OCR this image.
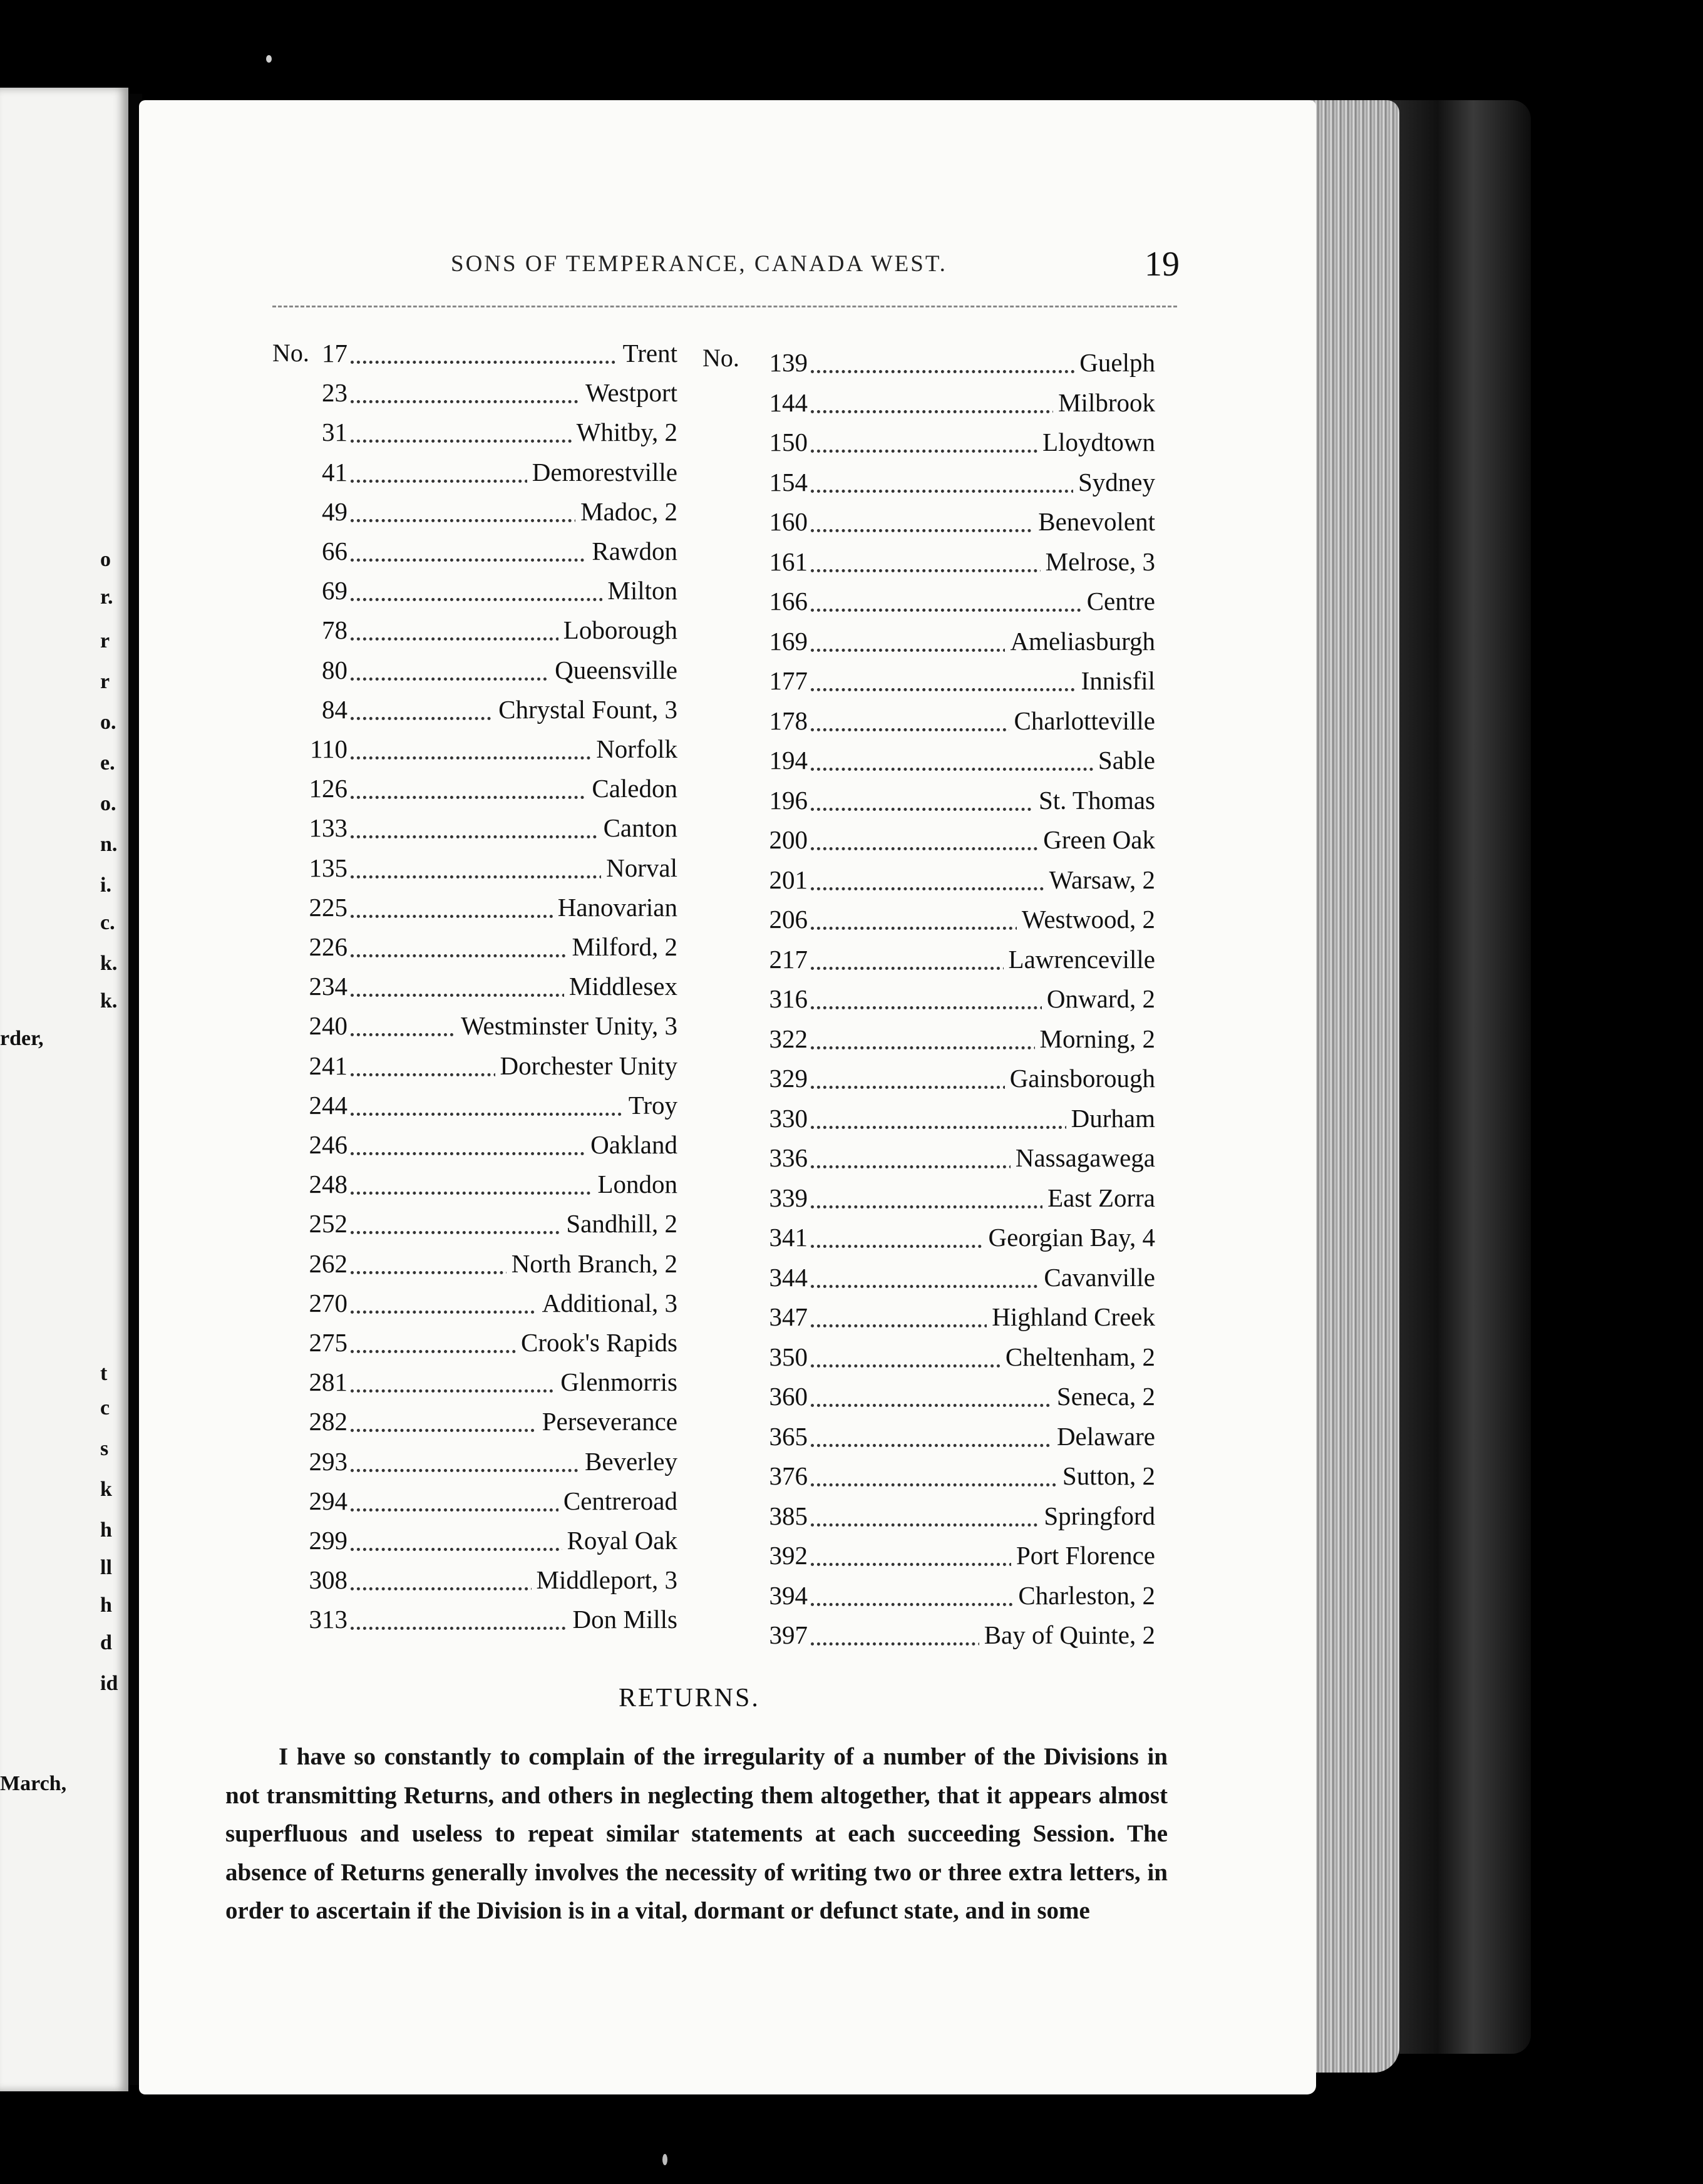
o
r.
r
r
o.
e.
o.
n.
i.
c.
k.
k.
rder,
t
c
s
k
h
ll
h
d
id
March,
SONS OF TEMPERANCE, CANADA WEST.	19
No.	No.
17	Trent
23	Westport
31	Whitby, 2
41	Demorestville
49	Madoc, 2
66	Rawdon
69	Milton
78	Loborough
80	Queensville
84	Chrystal Fount, 3
110	Norfolk
126	Caledon
133	Canton
135	Norval
225	Hanovarian
226	Milford, 2
234	Middlesex
240	Westminster Unity, 3
241	Dorchester Unity
244	Troy
246	Oakland
248	London
252	Sandhill, 2
262	North Branch, 2
270	Additional, 3
275	Crook's Rapids
281	Glenmorris
282	Perseverance
293	Beverley
294	Centreroad
299	Royal Oak
308	Middleport, 3
313	Don Mills
139	Guelph
144	Milbrook
150	Lloydtown
154	Sydney
160	Benevolent
161	Melrose, 3
166	Centre
169	Ameliasburgh
177	Innisfil
178	Charlotteville
194	Sable
196	St. Thomas
200	Green Oak
201	Warsaw, 2
206	Westwood, 2
217	Lawrenceville
316	Onward, 2
322	Morning, 2
329	Gainsborough
330	Durham
336	Nassagawega
339	East Zorra
341	Georgian Bay, 4
344	Cavanville
347	Highland Creek
350	Cheltenham, 2
360	Seneca, 2
365	Delaware
376	Sutton, 2
385	Springford
392	Port Florence
394	Charleston, 2
397	Bay of Quinte, 2
RETURNS.
I have so constantly to complain of the irregularity of a number of the Divisions in not transmitting Returns, and others in neglecting them altogether, that it appears almost superfluous and useless to repeat similar statements at each succeeding Session. The absence of Returns generally involves the necessity of writing two or three extra letters, in order to ascertain if the Division is in a vital, dormant or defunct state, and in some
